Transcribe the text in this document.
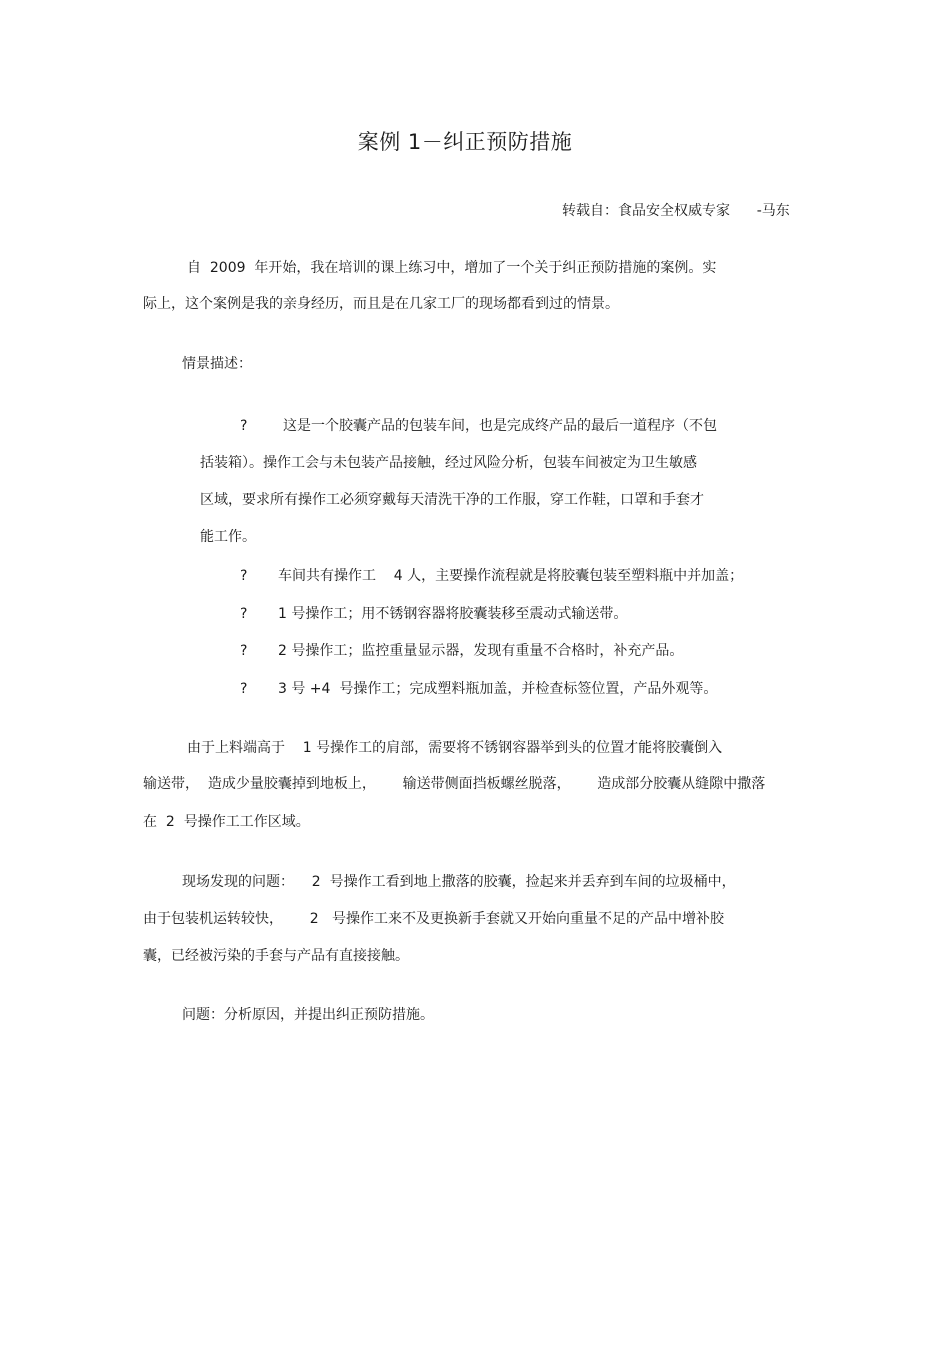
案例 1－纠正预防措施
转载自：食品安全权威专家      -马东
自  2009  年开始，我在培训的课上练习中，增加了一个关于纠正预防措施的案例。实
际上，这个案例是我的亲身经历，而且是在几家工厂的现场都看到过的情景。
情景描述：
?	这是一个胶囊产品的包装车间，也是完成终产品的最后一道程序（不包
括装箱）。操作工会与未包装产品接触，经过风险分析，包装车间被定为卫生敏感
区域，要求所有操作工必须穿戴每天清洗干净的工作服，穿工作鞋，口罩和手套才
能工作。
? 车间共有操作工    4 人，主要操作流程就是将胶囊包装至塑料瓶中并加盖；
? 1 号操作工；用不锈钢容器将胶囊装移至震动式输送带。
? 2 号操作工；监控重量显示器，发现有重量不合格时，补充产品。
? 3 号 +4  号操作工；完成塑料瓶加盖，并检查标签位置，产品外观等。
由于上料端高于    1 号操作工的肩部，需要将不锈钢容器举到头的位置才能将胶囊倒入
输送带，  造成少量胶囊掉到地板上，      输送带侧面挡板螺丝脱落，      造成部分胶囊从缝隙中撒落
在  2  号操作工工作区域。
现场发现的问题：    2  号操作工看到地上撒落的胶囊，捡起来并丢弃到车间的垃圾桶中，
由于包装机运转较快，      2   号操作工来不及更换新手套就又开始向重量不足的产品中增补胶
囊，已经被污染的手套与产品有直接接触。
问题：分析原因，并提出纠正预防措施。
